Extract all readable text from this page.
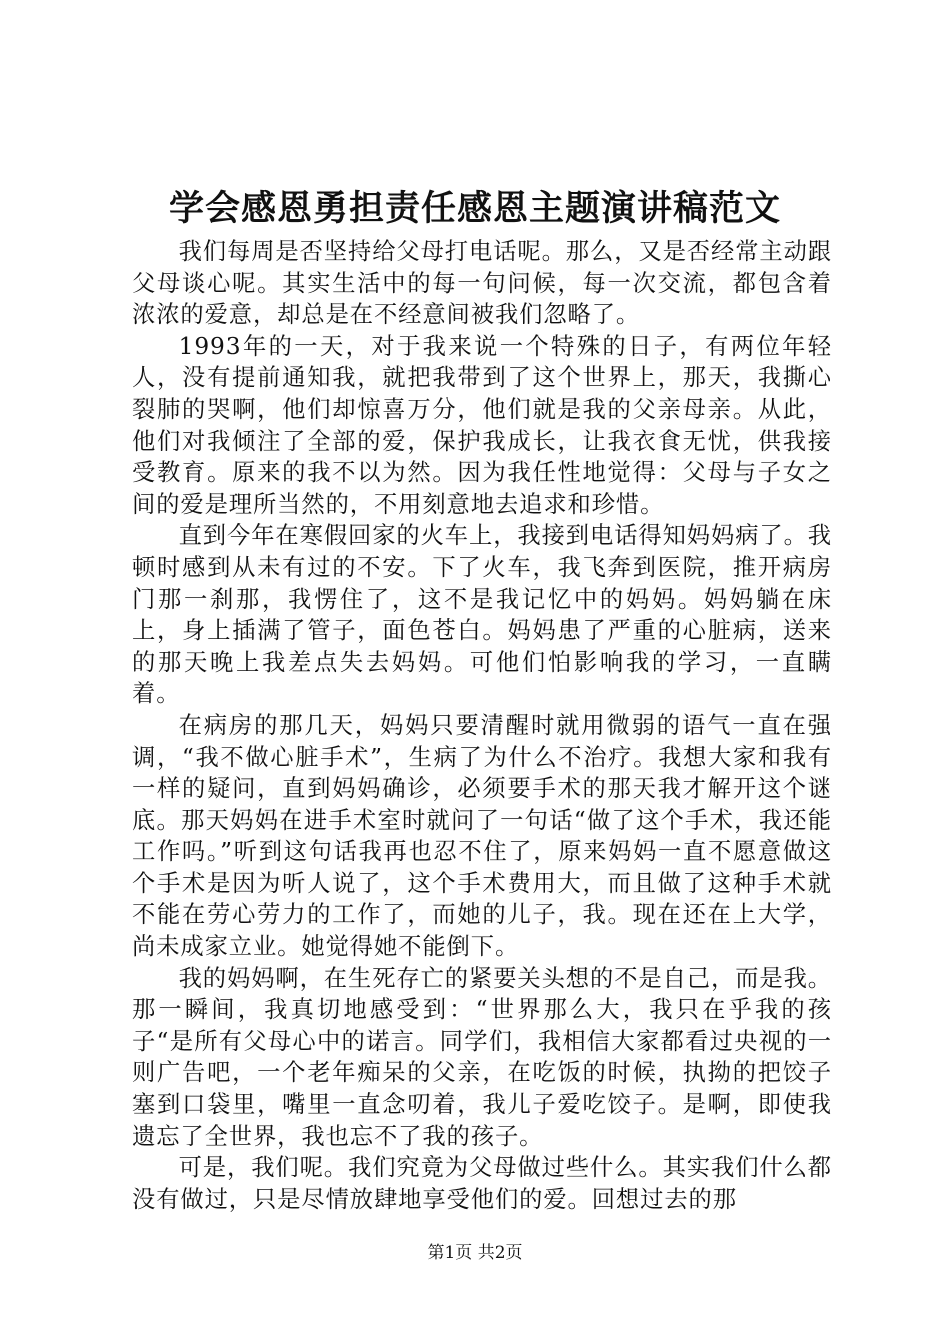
学会感恩勇担责任感恩主题演讲稿范文

我们每周是否坚持给父母打电话呢。那么，又是否经常主动跟父母谈心呢。其实生活中的每一句问候，每一次交流，都包含着浓浓的爱意，却总是在不经意间被我们忽略了。

1993年的一天，对于我来说一个特殊的日子，有两位年轻人，没有提前通知我，就把我带到了这个世界上，那天，我撕心裂肺的哭啊，他们却惊喜万分，他们就是我的父亲母亲。从此，他们对我倾注了全部的爱，保护我成长，让我衣食无忧，供我接受教育。原来的我不以为然。因为我任性地觉得：父母与子女之间的爱是理所当然的，不用刻意地去追求和珍惜。

直到今年在寒假回家的火车上，我接到电话得知妈妈病了。我顿时感到从未有过的不安。下了火车，我飞奔到医院，推开病房门那一刹那，我愣住了，这不是我记忆中的妈妈。妈妈躺在床上，身上插满了管子，面色苍白。妈妈患了严重的心脏病，送来的那天晚上我差点失去妈妈。可他们怕影响我的学习，一直瞒着。

在病房的那几天，妈妈只要清醒时就用微弱的语气一直在强调，“我不做心脏手术”，生病了为什么不治疗。我想大家和我有一样的疑问，直到妈妈确诊，必须要手术的那天我才解开这个谜底。那天妈妈在进手术室时就问了一句话“做了这个手术，我还能工作吗。”听到这句话我再也忍不住了，原来妈妈一直不愿意做这个手术是因为听人说了，这个手术费用大，而且做了这种手术就不能在劳心劳力的工作了，而她的儿子，我。现在还在上大学，尚未成家立业。她觉得她不能倒下。

我的妈妈啊，在生死存亡的紧要关头想的不是自己，而是我。那一瞬间，我真切地感受到：“世界那么大，我只在乎我的孩子“是所有父母心中的诺言。同学们，我相信大家都看过央视的一则广告吧，一个老年痴呆的父亲，在吃饭的时候，执拗的把饺子塞到口袋里，嘴里一直念叨着，我儿子爱吃饺子。是啊，即使我遗忘了全世界，我也忘不了我的孩子。

可是，我们呢。我们究竟为父母做过些什么。其实我们什么都没有做过，只是尽情放肆地享受他们的爱。回想过去的那

第1页 共2页
